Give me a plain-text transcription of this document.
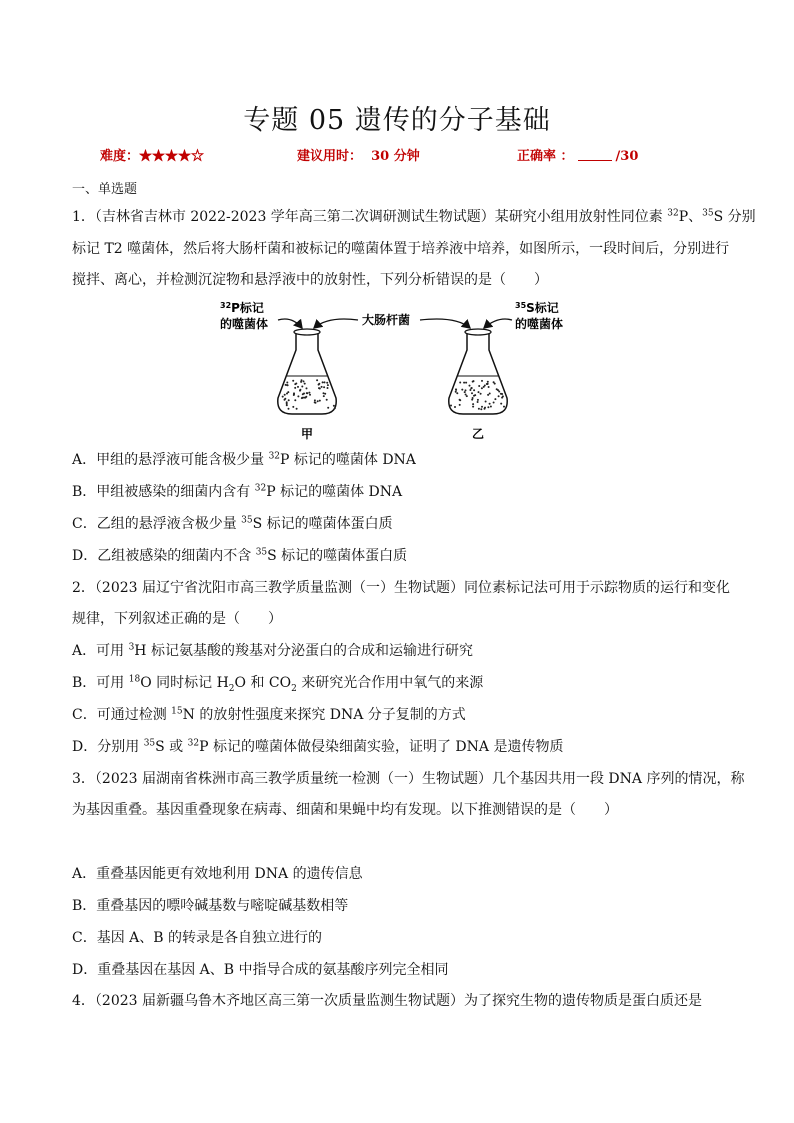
专题 05 遗传的分子基础
难度：★★★★☆	建议用时： 30 分钟	正确率 ：	/30
一、单选题
1．（吉林省吉林市 2022-2023 学年高三第二次调研测试生物试题）某研究小组用放射性同位素 $^{32}$P、$^{35}$S 分别
标记 T2 噬菌体，然后将大肠杆菌和被标记的噬菌体置于培养液中培养，如图所示，一段时间后，分别进行
搅拌、离心，并检测沉淀物和悬浮液中的放射性，下列分析错误的是（　　）
$^{32}$P标记
的噬菌体	大肠杆菌
$^{35}$S标记
的噬菌体
甲	乙
A．甲组的悬浮液可能含极少量 $^{32}$P 标记的噬菌体 DNA
B．甲组被感染的细菌内含有 $^{32}$P 标记的噬菌体 DNA
C．乙组的悬浮液含极少量 $^{35}$S 标记的噬菌体蛋白质
D．乙组被感染的细菌内不含 $^{35}$S 标记的噬菌体蛋白质
2．（2023 届辽宁省沈阳市高三教学质量监测（一）生物试题）同位素标记法可用于示踪物质的运行和变化
规律，下列叙述正确的是（　　）
A．可用 $^3$H 标记氨基酸的羧基对分泌蛋白的合成和运输进行研究
B．可用 $^{18}$O 同时标记 $H_2O$ 和 $CO_2$ 来研究光合作用中氧气的来源
C．可通过检测 $^{15}$N 的放射性强度来探究 DNA 分子复制的方式
D．分别用 $^{35}$S 或 $^{32}$P 标记的噬菌体做侵染细菌实验，证明了 DNA 是遗传物质
3．（2023 届湖南省株洲市高三教学质量统一检测（一）生物试题）几个基因共用一段 DNA 序列的情况，称
为基因重叠。基因重叠现象在病毒、细菌和果蝇中均有发现。以下推测错误的是（　　）
A．重叠基因能更有效地利用 DNA 的遗传信息
B．重叠基因的嘌呤碱基数与嘧啶碱基数相等
C．基因 A、B 的转录是各自独立进行的
D．重叠基因在基因 A、B 中指导合成的氨基酸序列完全相同
4．（2023 届新疆乌鲁木齐地区高三第一次质量监测生物试题）为了探究生物的遗传物质是蛋白质还是
